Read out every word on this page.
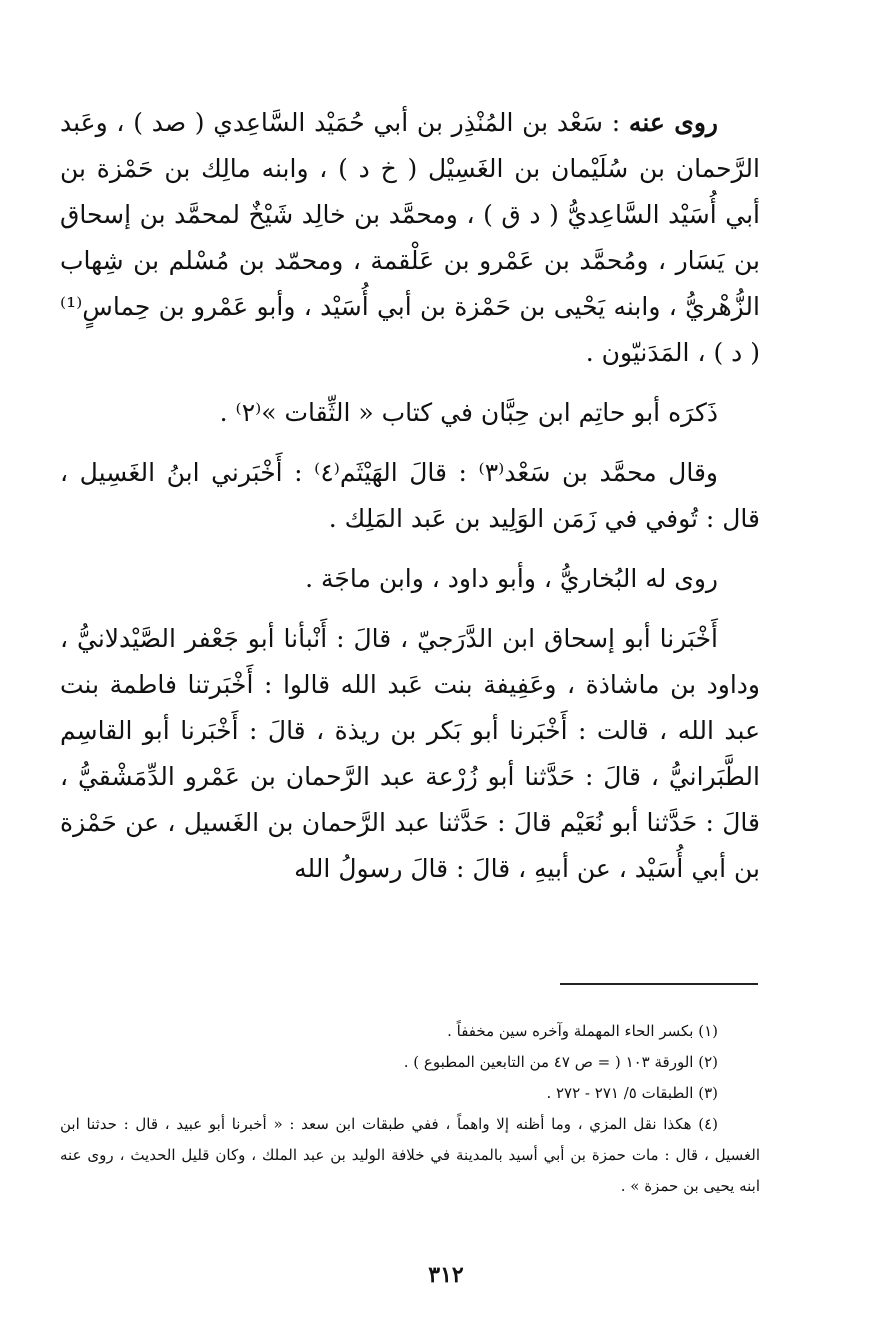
روى عنه : سَعْد بن المُنْذِر بن أبي حُمَيْد السَّاعِدي ( صد ) ، وعَبد الرَّحمان بن سُلَيْمان بن الغَسِيْل ( خ د ) ، وابنه مالِك بن حَمْزة بن أبي أُسَيْد السَّاعِديُّ ( د ق ) ، ومحمَّد بن خالِد شَيْخٌ لمحمَّد بن إسحاق بن يَسَار ، ومُحمَّد بن عَمْرو بن عَلْقمة ، ومحمّد بن مُسْلم بن شِهاب الزُّهْريُّ ، وابنه يَحْيى بن حَمْزة بن أبي أُسَيْد ، وأبو عَمْرو بن حِماسٍ⁽¹⁾ ( د ) ، المَدَنيّون .

ذَكرَه أبو حاتِم ابن حِبَّان في كتاب « الثِّقات »⁽٢⁾ .

وقال محمَّد بن سَعْد⁽٣⁾ : قالَ الهَيْثَم⁽٤⁾ : أَخْبَرني ابنُ الغَسِيل ، قال : تُوفي في زَمَن الوَلِيد بن عَبد المَلِك .

روى له البُخاريُّ ، وأبو داود ، وابن ماجَة .

أَخْبَرنا أبو إسحاق ابن الدَّرَجيّ ، قالَ : أَنْبأنا أبو جَعْفر الصَّيْدلانيُّ ، وداود بن ماشاذة ، وعَفِيفة بنت عَبد الله قالوا : أَخْبَرتنا فاطمة بنت عبد الله ، قالت : أَخْبَرنا أبو بَكر بن ريذة ، قالَ : أَخْبَرنا أبو القاسِم الطَّبَرانيُّ ، قالَ : حَدَّثنا أبو زُرْعة عبد الرَّحمان بن عَمْرو الدِّمَشْقيُّ ، قالَ : حَدَّثنا أبو نُعَيْم قالَ : حَدَّثنا عبد الرَّحمان بن الغَسيل ، عن حَمْزة بن أبي أُسَيْد ، عن أبيهِ ، قالَ : قالَ رسولُ الله

(١) بكسر الحاء المهملة وآخره سين مخففاً .

(٢) الورقة ١٠٣ ( = ص ٤٧ من التابعين المطبوع ) .

(٣) الطبقات ٥/ ٢٧١ - ٢٧٢ .

(٤) هكذا نقل المزي ، وما أظنه إلا واهماً ، ففي طبقات ابن سعد : « أخبرنا أبو عبيد ، قال : حدثنا ابن الغسيل ، قال : مات حمزة بن أبي أسيد بالمدينة في خلافة الوليد بن عبد الملك ، وكان قليل الحديث ، روى عنه ابنه يحيى بن حمزة » .

٣١٢
